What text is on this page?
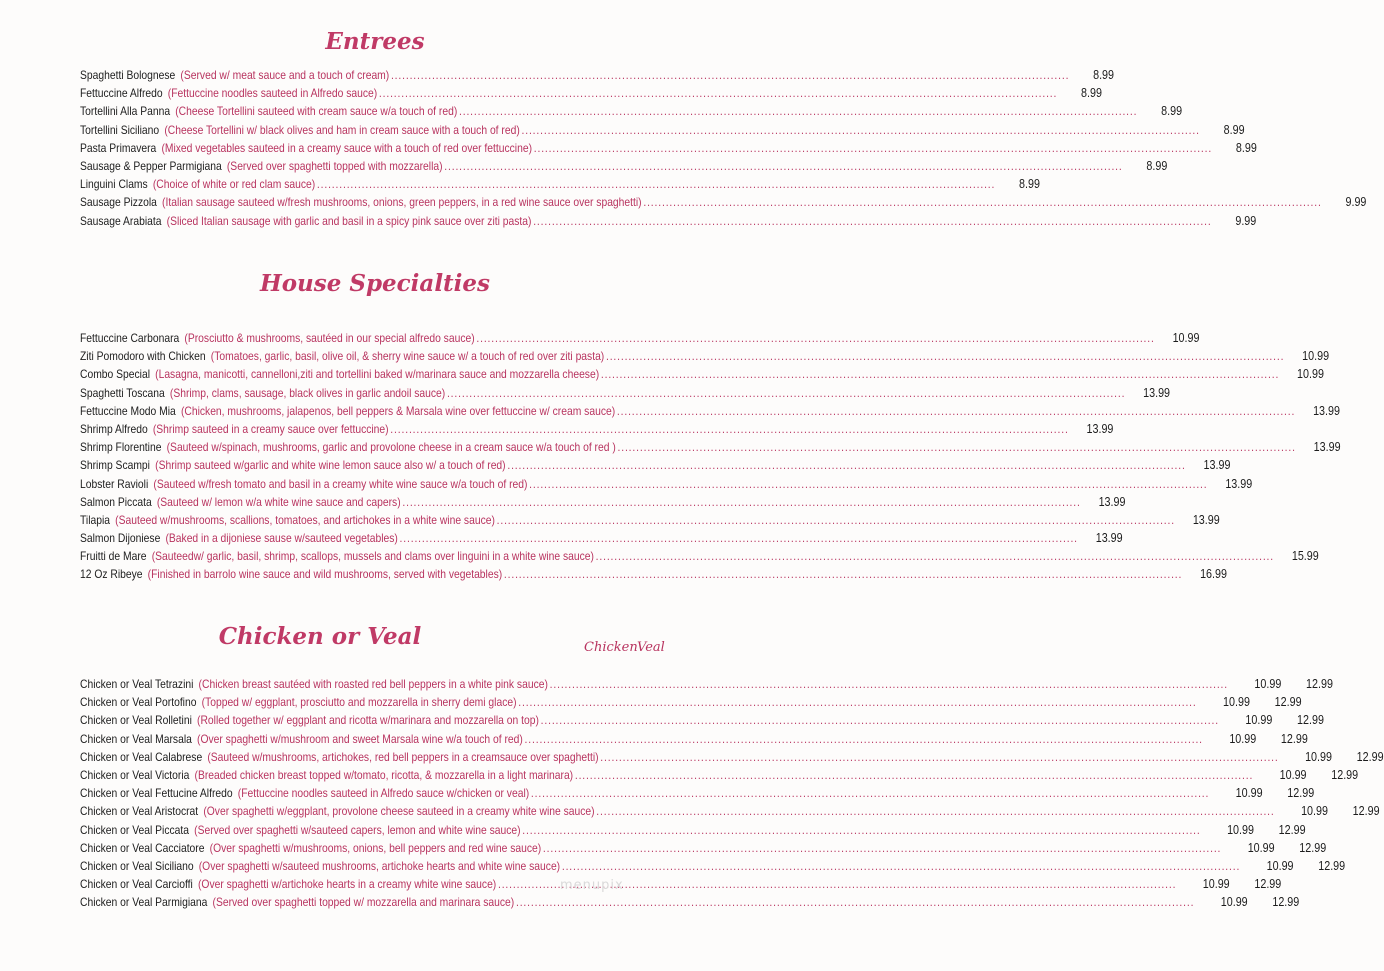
Entrees
Spaghetti Bolognese (Served w/ meat sauce and a touch of cream) .....	8.99
Fettuccine Alfredo (Fettuccine noodles sauteed in Alfredo sauce) .....	8.99
Tortellini Alla Panna (Cheese Tortellini sauteed with cream sauce w/a touch of red) .....	8.99
Tortellini Siciliano (Cheese Tortellini w/ black olives and ham in cream sauce with a touch of red) .....	8.99
Pasta Primavera (Mixed vegetables sauteed in a creamy sauce with a touch of red over fettuccine) .....	8.99
Sausage & Pepper Parmigiana (Served over spaghetti topped with mozzarella) .....	8.99
Linguini Clams (Choice of white or red clam sauce) .....	8.99
Sausage Pizzola (Italian sausage sauteed w/fresh mushrooms, onions, green peppers, in a red wine sauce over spaghetti) .....	9.99
Sausage Arabiata (Sliced Italian sausage with garlic and basil in a spicy pink sauce over ziti pasta) .....	9.99
House Specialties
Fettuccine Carbonara (Prosciutto & mushrooms, sautéed in our special alfredo sauce) .....	10.99
Ziti Pomodoro with Chicken (Tomatoes, garlic, basil, olive oil, & sherry wine sauce w/ a touch of red over ziti pasta) .....	10.99
Combo Special (Lasagna, manicotti, cannelloni,ziti and tortellini baked w/marinara sauce and mozzarella cheese) .....	10.99
Spaghetti Toscana (Shrimp, clams, sausage, black olives in garlic andoil sauce) .....	13.99
Fettuccine Modo Mia (Chicken, mushrooms, jalapenos, bell peppers & Marsala wine over fettuccine w/ cream sauce) .....	13.99
Shrimp Alfredo (Shrimp sauteed in a creamy sauce over fettuccine) .....	13.99
Shrimp Florentine (Sauteed w/spinach, mushrooms, garlic and provolone cheese in a cream sauce w/a touch of red ) .....	13.99
Shrimp Scampi (Shrimp sauteed w/garlic and white wine lemon sauce also w/ a touch of red) .....	13.99
Lobster Ravioli (Sauteed w/fresh tomato and basil in a creamy white wine sauce w/a touch of red) .....	13.99
Salmon Piccata (Sauteed w/ lemon w/a white wine sauce and capers) .....	13.99
Tilapia (Sauteed w/mushrooms, scallions, tomatoes, and artichokes in a white wine sauce) .....	13.99
Salmon Dijoniese (Baked in a dijoniese sause w/sauteed vegetables) .....	13.99
Fruitti de Mare (Sauteedw/ garlic, basil, shrimp, scallops, mussels and clams over linguini in a white wine sauce) .....	15.99
12 Oz Ribeye (Finished in barrolo wine sauce and wild mushrooms, served with vegetables) .....	16.99
Chicken or Veal	Chicken Veal
Chicken or Veal Tetrazini (Chicken breast sautéed with roasted red bell peppers in a white pink sauce) .....	10.99	12.99
Chicken or Veal Portofino (Topped w/ eggplant, prosciutto and mozzarella in sherry demi glace) .....	10.99	12.99
Chicken or Veal Rolletini (Rolled together w/ eggplant and ricotta w/marinara and mozzarella on top) .....	10.99	12.99
Chicken or Veal Marsala (Over spaghetti w/mushroom and sweet Marsala wine w/a touch of red) .....	10.99	12.99
Chicken or Veal Calabrese (Sauteed w/mushrooms, artichokes, red bell peppers in a creamsauce over spaghetti) .....	10.99	12.99
Chicken or Veal Victoria (Breaded chicken breast topped w/tomato, ricotta, & mozzarella in a light marinara) .....	10.99	12.99
Chicken or Veal Fettucine Alfredo (Fettuccine noodles sauteed in Alfredo sauce w/chicken or veal) .....	10.99	12.99
Chicken or Veal Aristocrat (Over spaghetti w/eggplant, provolone cheese sauteed in a creamy white wine sauce) .....	10.99	12.99
Chicken or Veal Piccata (Served over spaghetti w/sauteed capers, lemon and white wine sauce) .....	10.99	12.99
Chicken or Veal Cacciatore (Over spaghetti w/mushrooms, onions, bell peppers and red wine sauce) .....	10.99	12.99
Chicken or Veal Siciliano (Over spaghetti w/sauteed mushrooms, artichoke hearts and white wine sauce) .....	10.99	12.99
Chicken or Veal Carcioffi (Over spaghetti w/artichoke hearts in a creamy white wine sauce) .....	10.99	12.99
Chicken or Veal Parmigiana (Served over spaghetti topped w/ mozzarella and marinara sauce) .....	10.99	12.99
menupix
